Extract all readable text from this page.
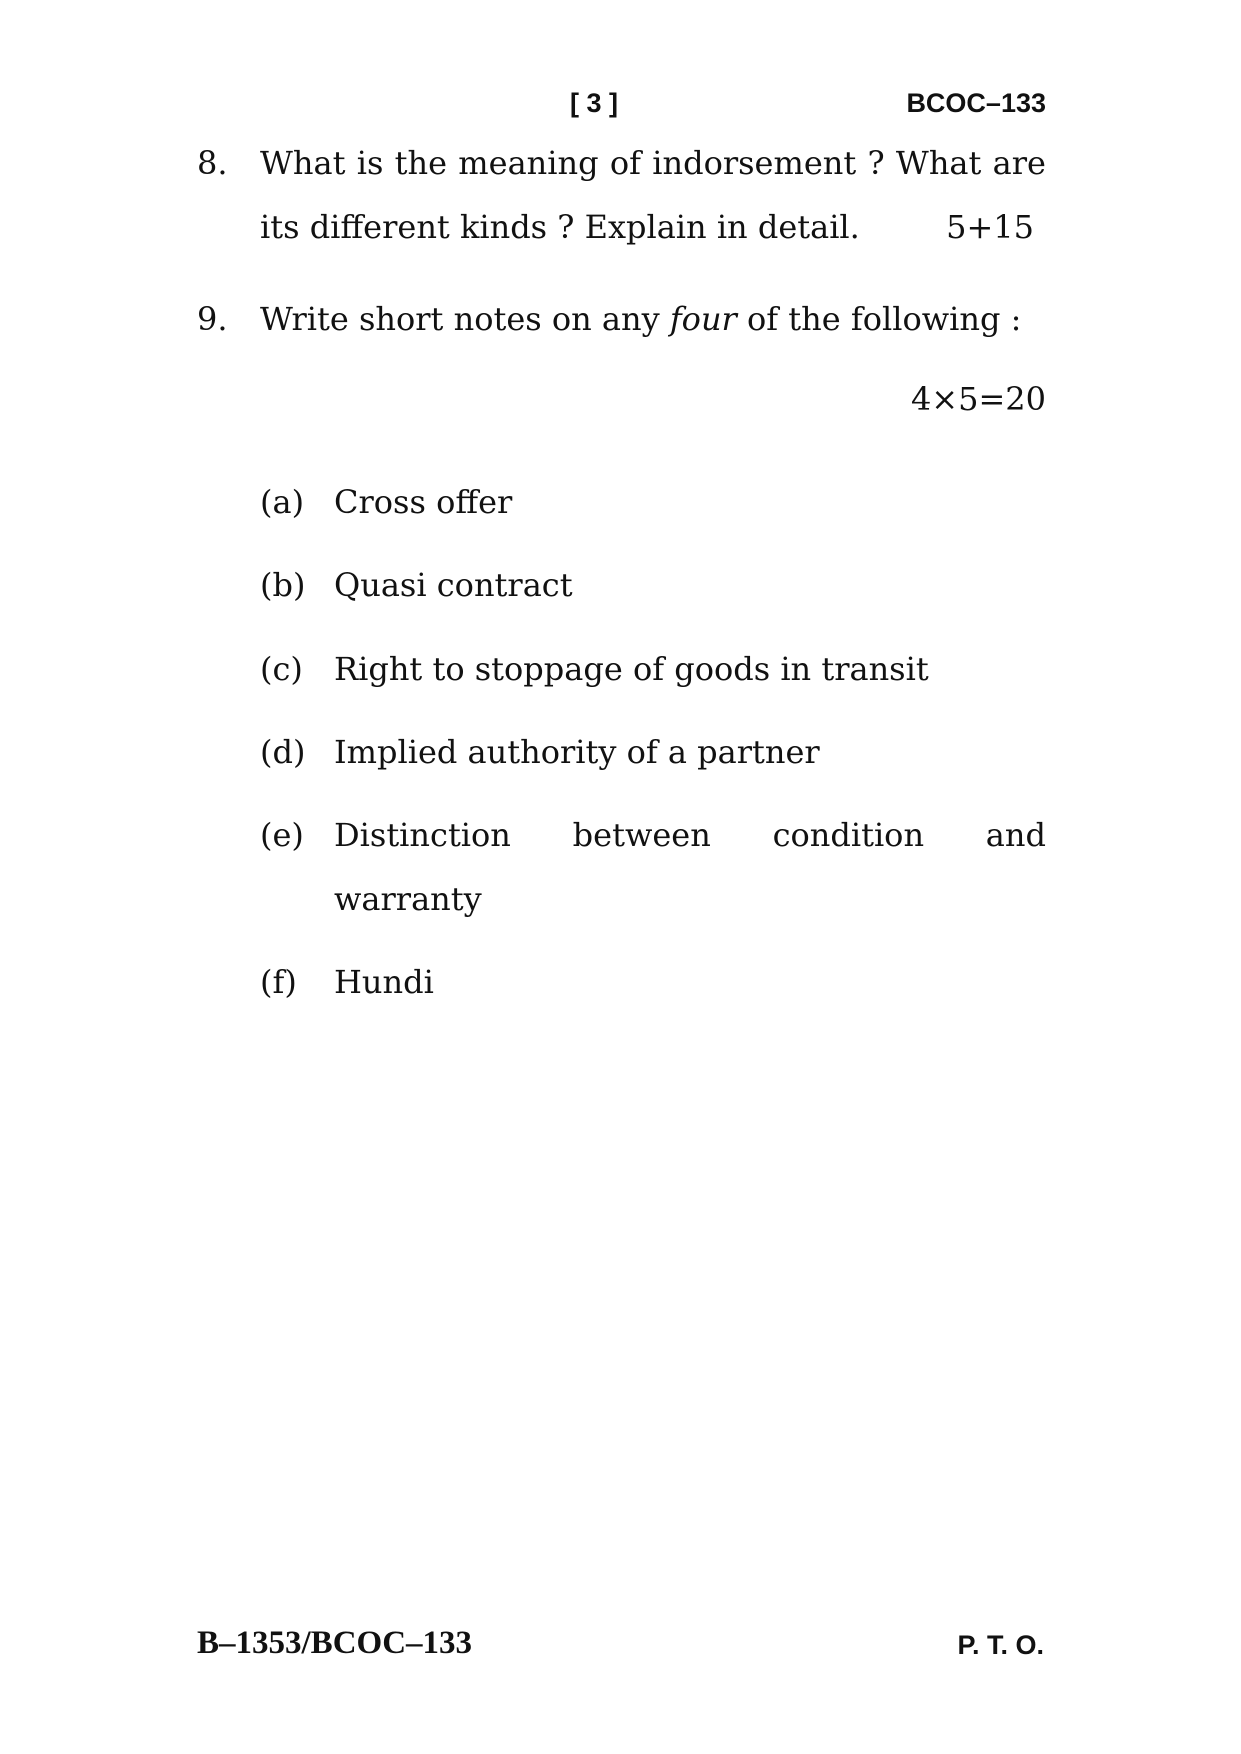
[ 3 ]	BCOC–133
8. What is the meaning of indorsement ? What are
its different kinds ? Explain in detail.	5+15
9. Write short notes on any four of the following :
4×5=20
(a) Cross offer
(b) Quasi contract
(c) Right to stoppage of goods in transit
(d) Implied authority of a partner
(e) Distinction between condition and
warranty
(f) Hundi
B–1353/BCOC–133	P. T. O.
